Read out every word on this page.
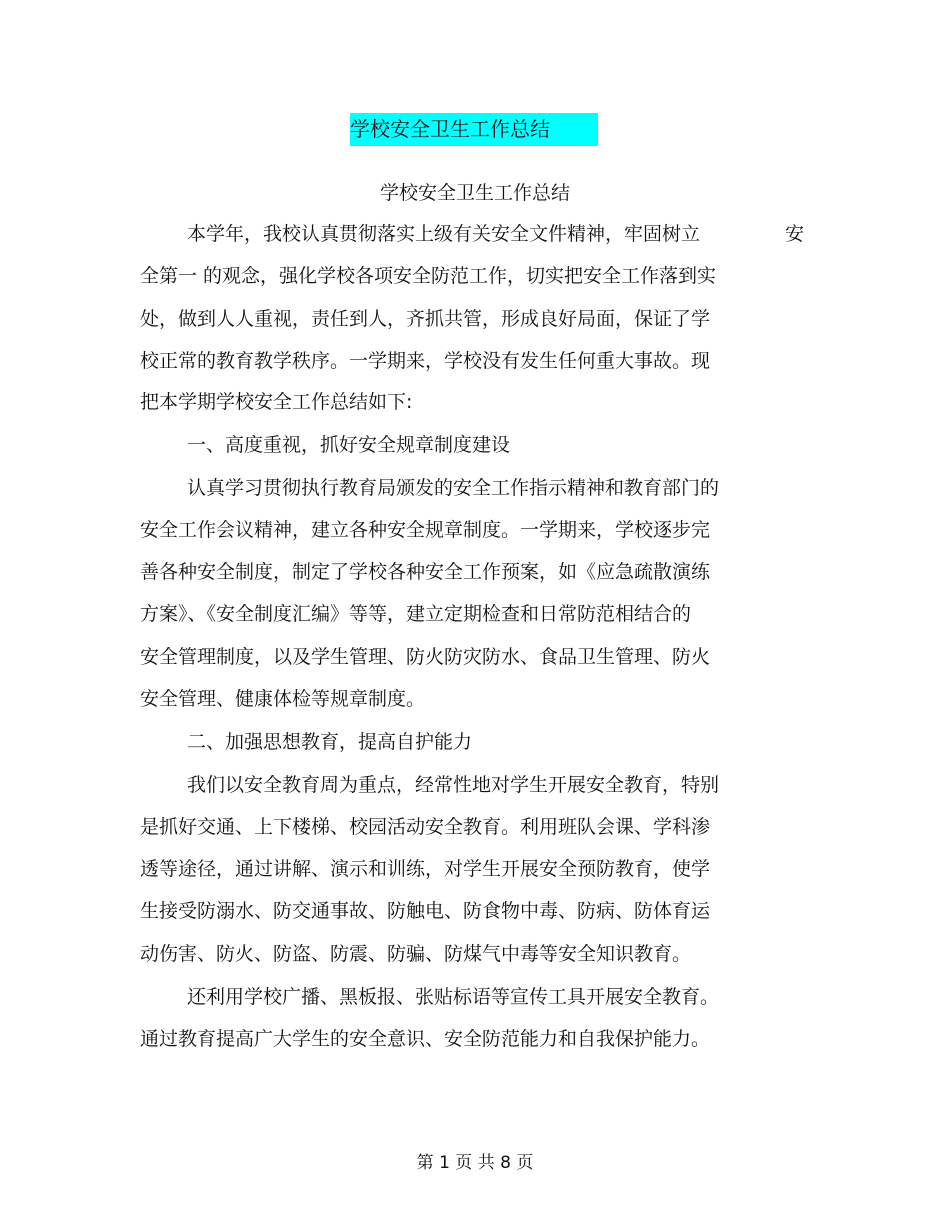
学校安全卫生工作总结
学校安全卫生工作总结
本学年，我校认真贯彻落实上级有关安全文件精神，牢固树立	安
全第一 的观念，强化学校各项安全防范工作，切实把安全工作落到实
处，做到人人重视，责任到人，齐抓共管，形成良好局面，保证了学
校正常的教育教学秩序。一学期来，学校没有发生任何重大事故。现
把本学期学校安全工作总结如下:
一、高度重视，抓好安全规章制度建设
认真学习贯彻执行教育局颁发的安全工作指示精神和教育部门的
安全工作会议精神，建立各种安全规章制度。一学期来，学校逐步完
善各种安全制度，制定了学校各种安全工作预案，如《应急疏散演练
方案》、《安全制度汇编》等等，建立定期检查和日常防范相结合的
安全管理制度，以及学生管理、防火防灾防水、食品卫生管理、防火
安全管理、健康体检等规章制度。
二、加强思想教育，提高自护能力
我们以安全教育周为重点，经常性地对学生开展安全教育，特别
是抓好交通、上下楼梯、校园活动安全教育。利用班队会课、学科渗
透等途径，通过讲解、演示和训练，对学生开展安全预防教育，使学
生接受防溺水、防交通事故、防触电、防食物中毒、防病、防体育运
动伤害、防火、防盗、防震、防骗、防煤气中毒等安全知识教育。
还利用学校广播、黑板报、张贴标语等宣传工具开展安全教育。
通过教育提高广大学生的安全意识、安全防范能力和自我保护能力。
第 1 页 共 8 页
